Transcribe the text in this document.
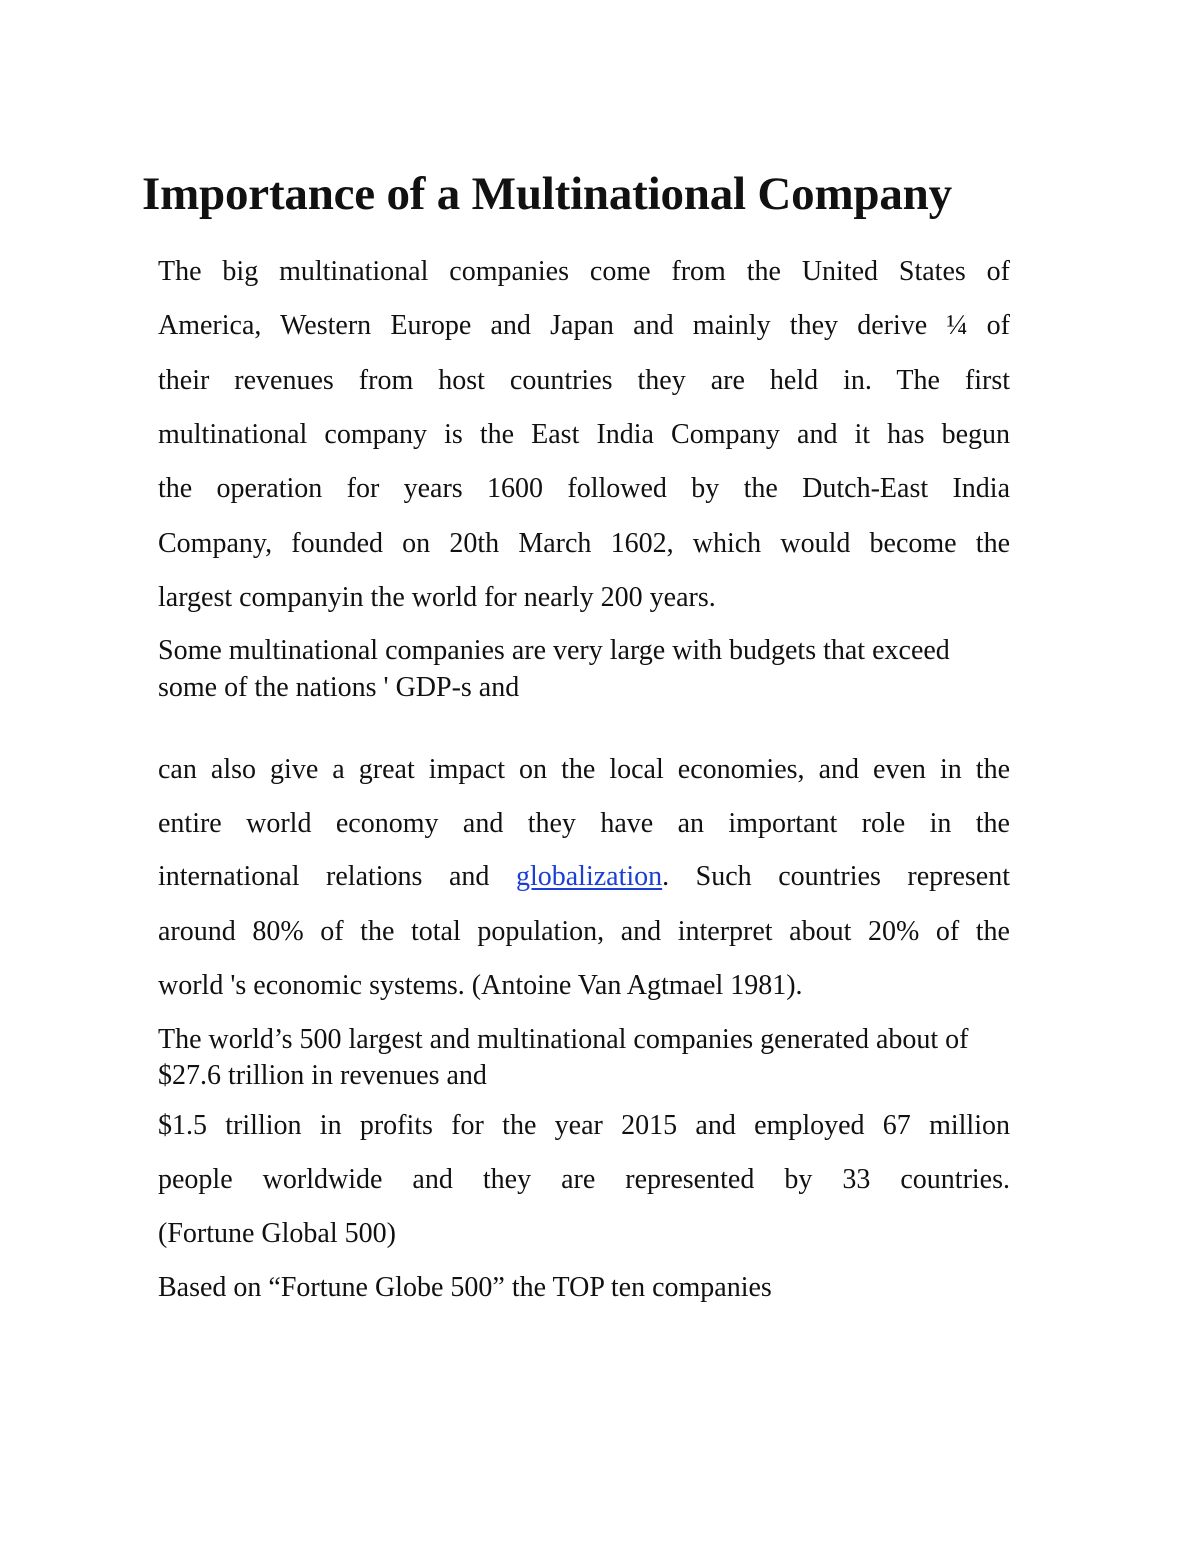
Importance of a Multinational Company
The big multinational companies come from the United States of
America, Western Europe and Japan and mainly they derive ¼ of
their revenues from host countries they are held in. The first
multinational company is the East India Company and it has begun
the operation for years 1600 followed by the Dutch-East India
Company, founded on 20th March 1602, which would become the
largest companyin the world for nearly 200 years.
Some multinational companies are very large with budgets that exceed
some of the nations ' GDP-s and
can also give a great impact on the local economies, and even in the
entire world economy and they have an important role in the
international relations and globalization. Such countries represent
around 80% of the total population, and interpret about 20% of the
world 's economic systems. (Antoine Van Agtmael 1981).
The world’s 500 largest and multinational companies generated about of
$27.6 trillion in revenues and
$1.5 trillion in profits for the year 2015 and employed 67 million
people worldwide and they are represented by 33 countries.
(Fortune Global 500)
Based on “Fortune Globe 500” the TOP ten companies
